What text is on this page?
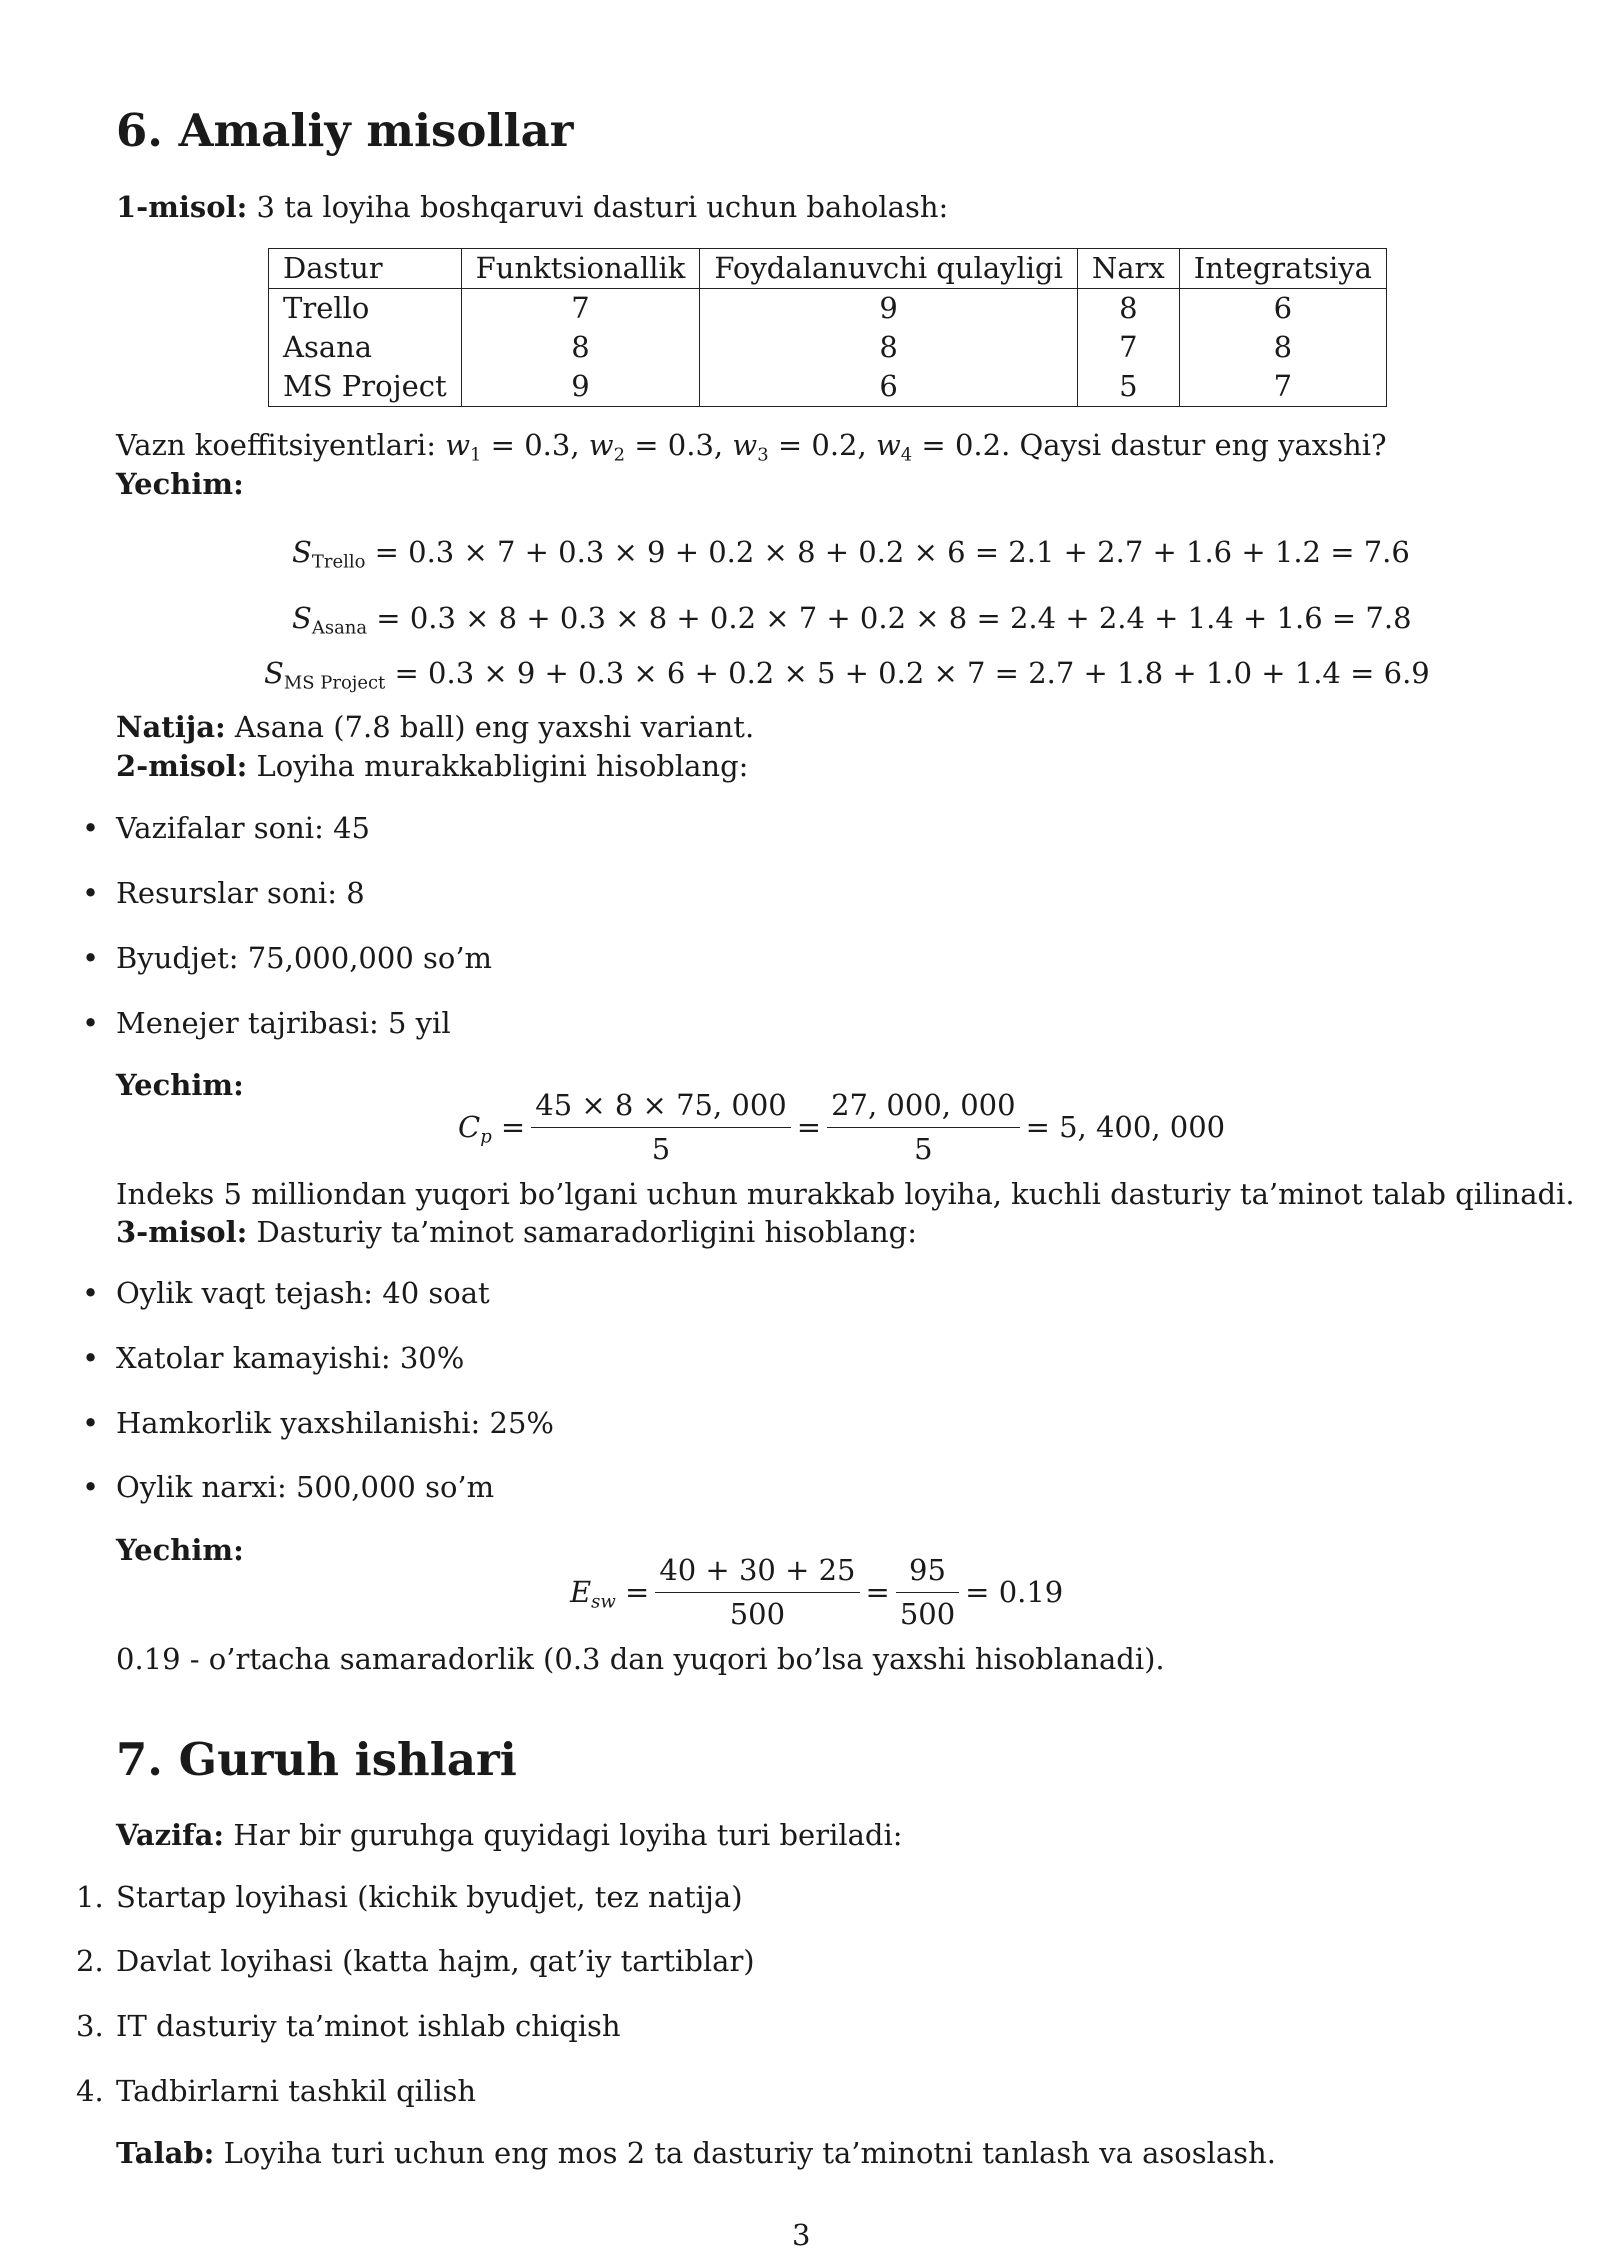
6. Amaliy misollar
1-misol: 3 ta loyiha boshqaruvi dasturi uchun baholash:
Dastur	Funktsionallik	Foydalanuvchi qulayligi	Narx	Integratsiya
Trello	7	9	8	6
Asana	8	8	7	8
MS Project	9	6	5	7
Vazn koeffitsiyentlari: $w_1 = 0.3$, $w_2 = 0.3$, $w_3 = 0.2$, $w_4 = 0.2$. Qaysi dastur eng yaxshi?
Yechim:
$S_{Trello} = 0.3 \times 7 + 0.3 \times 9 + 0.2 \times 8 + 0.2 \times 6 = 2.1 + 2.7 + 1.6 + 1.2 = 7.6$
$S_{Asana} = 0.3 \times 8 + 0.3 \times 8 + 0.2 \times 7 + 0.2 \times 8 = 2.4 + 2.4 + 1.4 + 1.6 = 7.8$
$S_{MS Project} = 0.3 \times 9 + 0.3 \times 6 + 0.2 \times 5 + 0.2 \times 7 = 2.7 + 1.8 + 1.0 + 1.4 = 6.9$
Natija: Asana (7.8 ball) eng yaxshi variant.
2-misol: Loyiha murakkabligini hisoblang:
• Vazifalar soni: 45
• Resurslar soni: 8
• Byudjet: 75,000,000 so’m
• Menejer tajribasi: 5 yil
Yechim:
$C_p = \frac{45 \times 8 \times 75, 000}{5} = \frac{27, 000, 000}{5} = 5$, 400, 000
Indeks 5 milliondan yuqori bo’lgani uchun murakkab loyiha, kuchli dasturiy ta’minot talab qilinadi.
3-misol: Dasturiy ta’minot samaradorligini hisoblang:
• Oylik vaqt tejash: 40 soat
• Xatolar kamayishi: 30%
• Hamkorlik yaxshilanishi: 25%
• Oylik narxi: 500,000 so’m
Yechim:
$E_{sw} = \frac{40 + 30 + 25}{500} = \frac{95}{500} = 0.19$
0.19 - o’rtacha samaradorlik (0.3 dan yuqori bo’lsa yaxshi hisoblanadi).
7. Guruh ishlari
Vazifa: Har bir guruhga quyidagi loyiha turi beriladi:
1. Startap loyihasi (kichik byudjet, tez natija)
2. Davlat loyihasi (katta hajm, qat’iy tartiblar)
3. IT dasturiy ta’minot ishlab chiqish
4. Tadbirlarni tashkil qilish
Talab: Loyiha turi uchun eng mos 2 ta dasturiy ta’minotni tanlash va asoslash.
3
